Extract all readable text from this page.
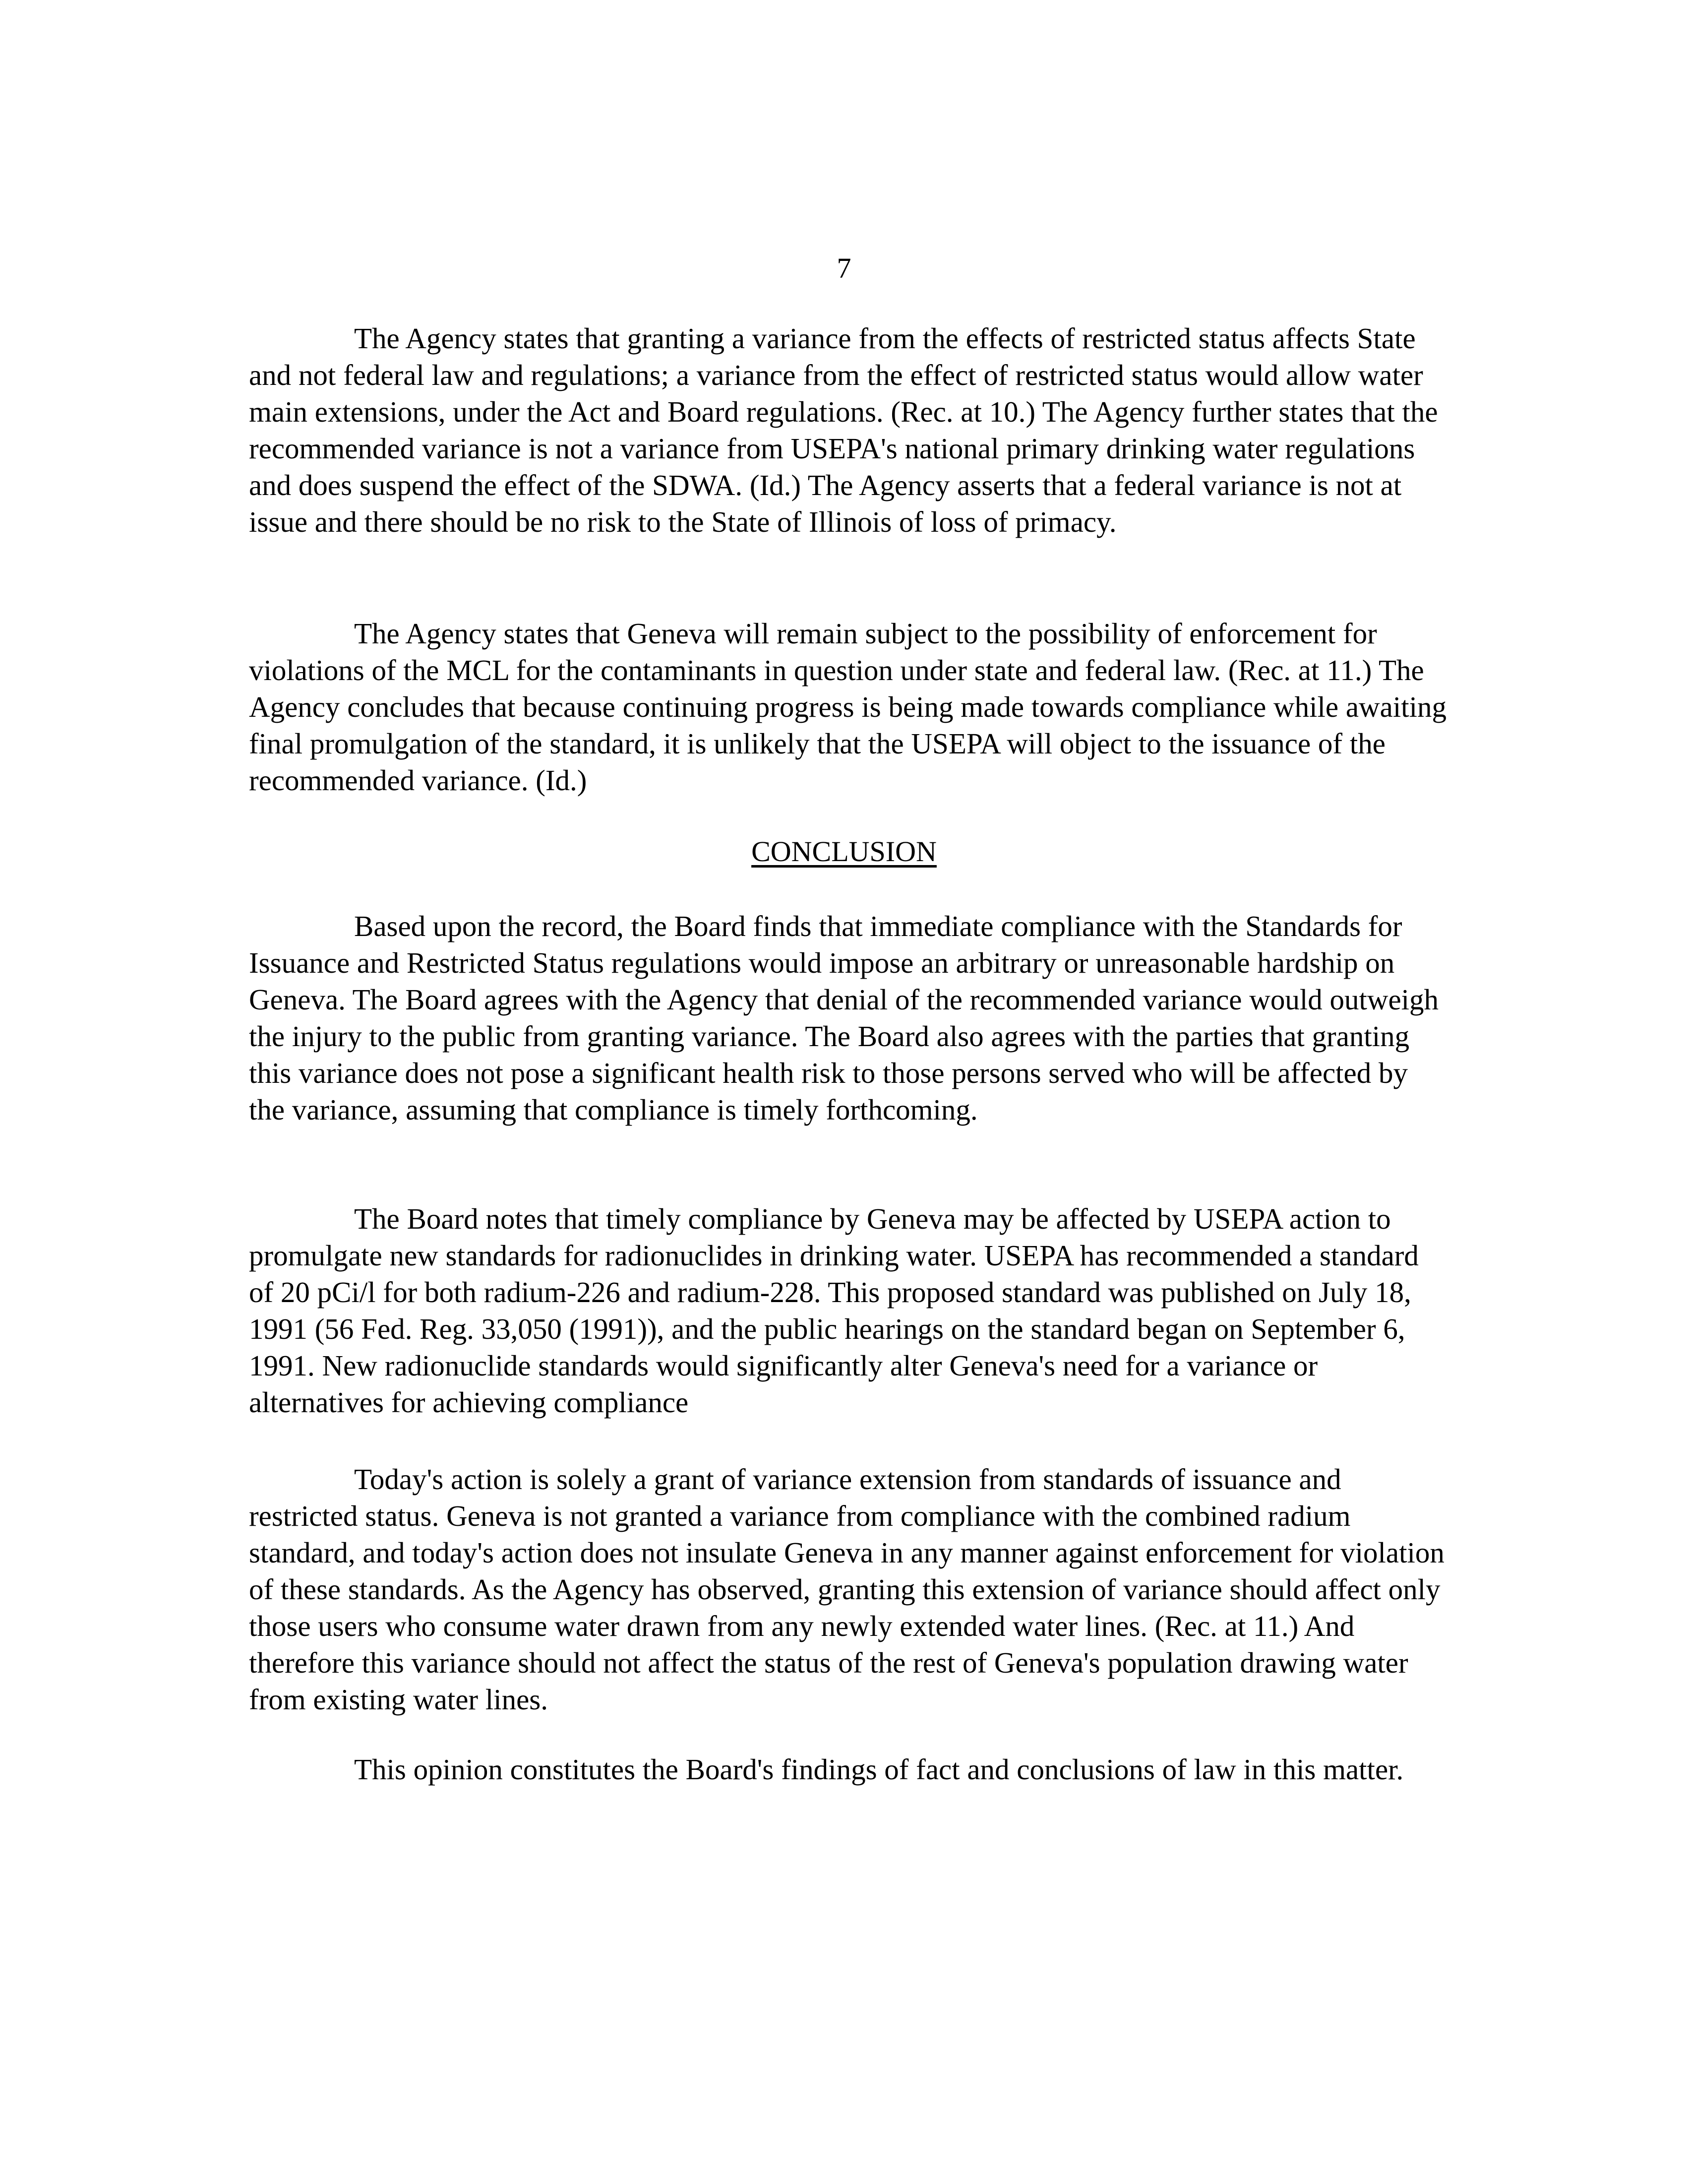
7

The Agency states that granting a variance from the effects of restricted status affects State and not federal law and regulations; a variance from the effect of restricted status would allow water main extensions, under the Act and Board regulations. (Rec. at 10.) The Agency further states that the recommended variance is not a variance from USEPA's national primary drinking water regulations and does suspend the effect of the SDWA. (Id.) The Agency asserts that a federal variance is not at issue and there should be no risk to the State of Illinois of loss of primacy.

The Agency states that Geneva will remain subject to the possibility of enforcement for violations of the MCL for the contaminants in question under state and federal law. (Rec. at 11.) The Agency concludes that because continuing progress is being made towards compliance while awaiting final promulgation of the standard, it is unlikely that the USEPA will object to the issuance of the recommended variance. (Id.)

CONCLUSION

Based upon the record, the Board finds that immediate compliance with the Standards for Issuance and Restricted Status regulations would impose an arbitrary or unreasonable hardship on Geneva. The Board agrees with the Agency that denial of the recommended variance would outweigh the injury to the public from granting variance. The Board also agrees with the parties that granting this variance does not pose a significant health risk to those persons served who will be affected by the variance, assuming that compliance is timely forthcoming.

The Board notes that timely compliance by Geneva may be affected by USEPA action to promulgate new standards for radionuclides in drinking water. USEPA has recommended a standard of 20 pCi/l for both radium-226 and radium-228. This proposed standard was published on July 18, 1991 (56 Fed. Reg. 33,050 (1991)), and the public hearings on the standard began on September 6, 1991. New radionuclide standards would significantly alter Geneva's need for a variance or alternatives for achieving compliance

Today's action is solely a grant of variance extension from standards of issuance and restricted status. Geneva is not granted a variance from compliance with the combined radium standard, and today's action does not insulate Geneva in any manner against enforcement for violation of these standards. As the Agency has observed, granting this extension of variance should affect only those users who consume water drawn from any newly extended water lines. (Rec. at 11.) And therefore this variance should not affect the status of the rest of Geneva's population drawing water from existing water lines.

This opinion constitutes the Board's findings of fact and conclusions of law in this matter.
